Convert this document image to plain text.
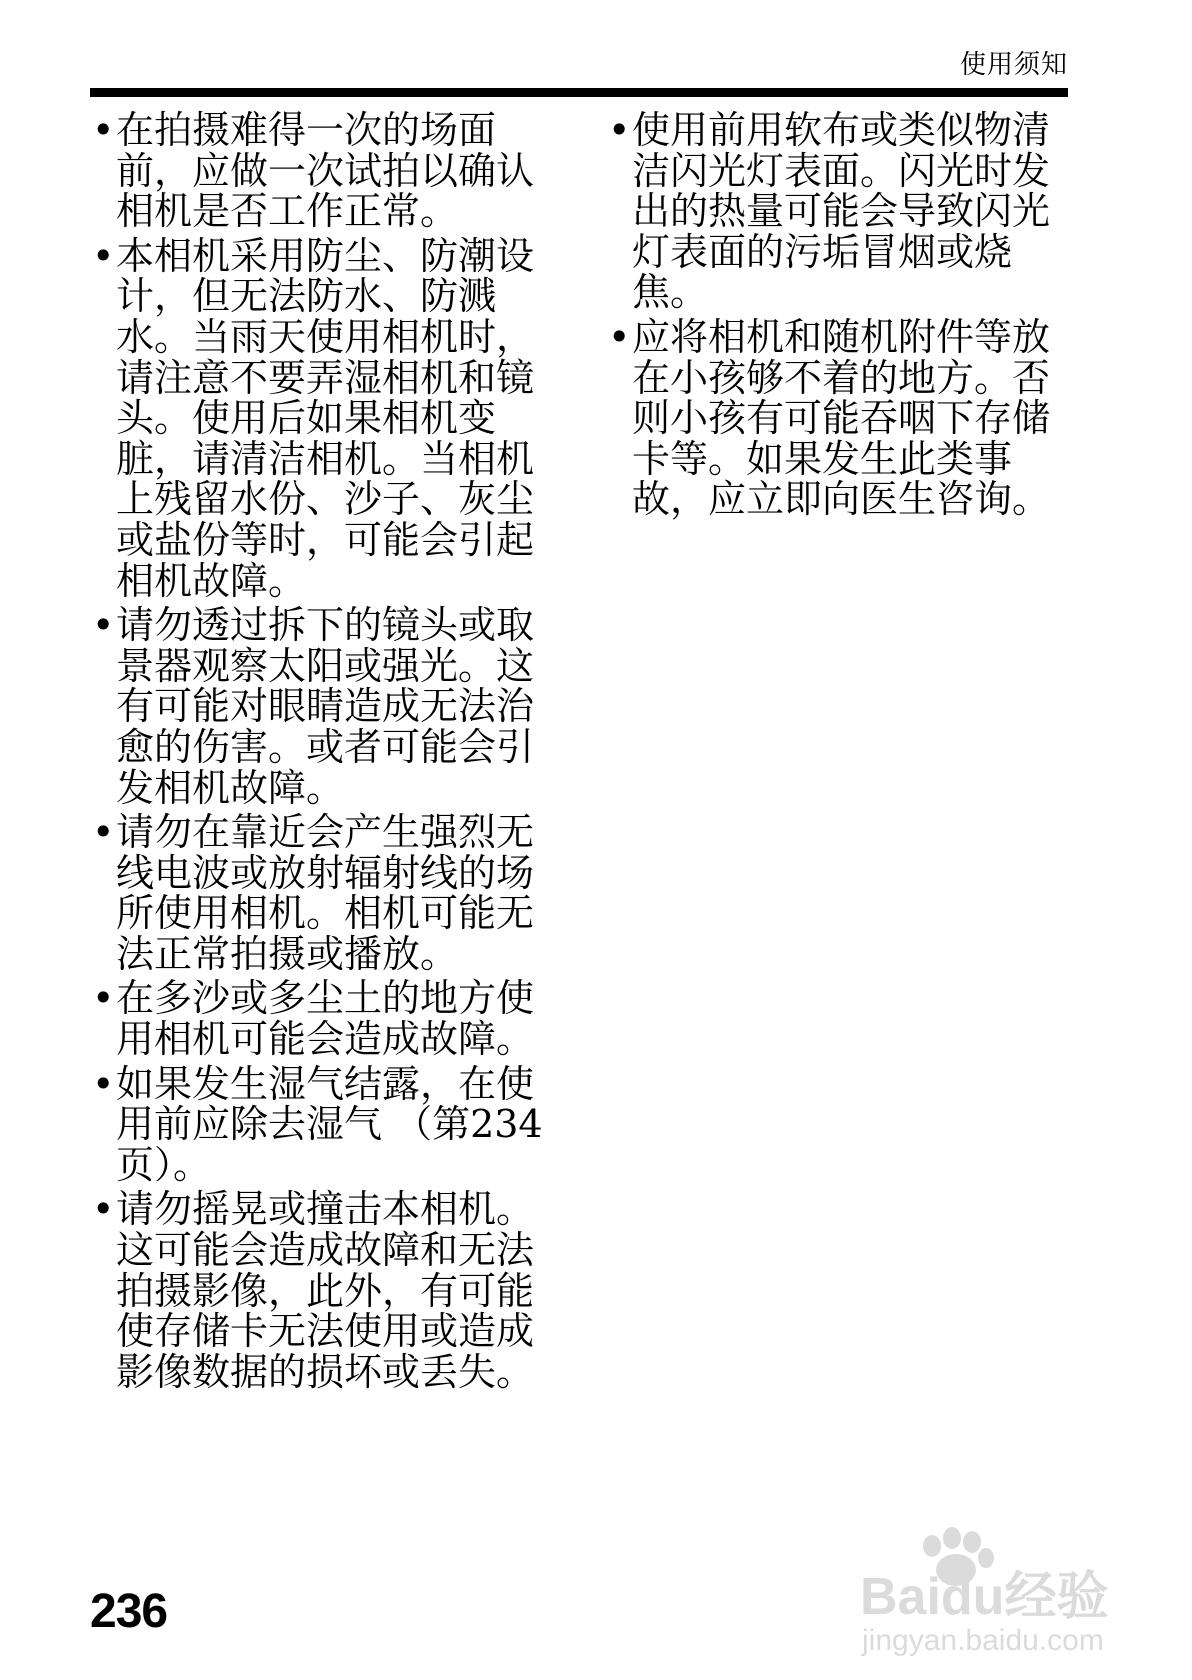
使用须知
• 在拍摄难得一次的场面
前，应做一次试拍以确认
相机是否工作正常。
• 本相机采用防尘、防潮设
计，但无法防水、防溅
水。当雨天使用相机时，
请注意不要弄湿相机和镜
头。使用后如果相机变
脏，请清洁相机。当相机
上残留水份、沙子、灰尘
或盐份等时，可能会引起
相机故障。
• 请勿透过拆下的镜头或取
景器观察太阳或强光。这
有可能对眼睛造成无法治
愈的伤害。或者可能会引
发相机故障。
• 请勿在靠近会产生强烈无
线电波或放射辐射线的场
所使用相机。相机可能无
法正常拍摄或播放。
• 在多沙或多尘土的地方使
用相机可能会造成故障。
• 如果发生湿气结露，在使
用前应除去湿气 （第234
页）。
• 请勿摇晃或撞击本相机。
这可能会造成故障和无法
拍摄影像，此外，有可能
使存储卡无法使用或造成
影像数据的损坏或丢失。
• 使用前用软布或类似物清
洁闪光灯表面。闪光时发
出的热量可能会导致闪光
灯表面的污垢冒烟或烧
焦。
• 应将相机和随机附件等放
在小孩够不着的地方。否
则小孩有可能吞咽下存储
卡等。如果发生此类事
故，应立即向医生咨询。
236	Baidu经验
jingyan.baidu.com
